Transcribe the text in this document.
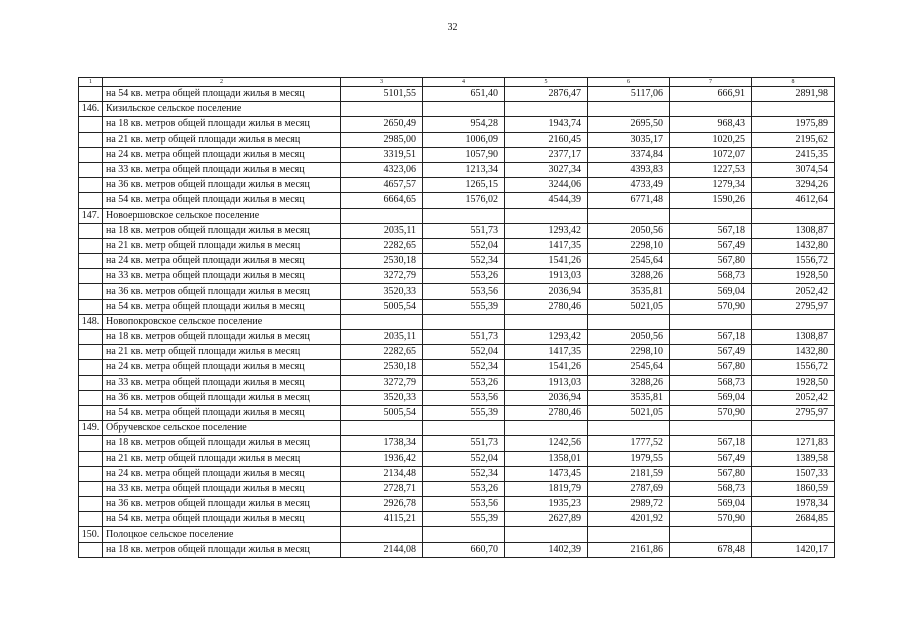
32
1	2	3	4	5	6	7	8
	на 54 кв. метра общей площади жилья в месяц	5101,55	651,40	2876,47	5117,06	666,91	2891,98
146.	Кизильское сельское поселение						
	на 18 кв. метров общей площади жилья в месяц	2650,49	954,28	1943,74	2695,50	968,43	1975,89
	на 21 кв. метр общей площади жилья в месяц	2985,00	1006,09	2160,45	3035,17	1020,25	2195,62
	на 24 кв. метра общей площади жилья в месяц	3319,51	1057,90	2377,17	3374,84	1072,07	2415,35
	на 33 кв. метра общей площади жилья в месяц	4323,06	1213,34	3027,34	4393,83	1227,53	3074,54
	на 36 кв. метров общей площади жилья в месяц	4657,57	1265,15	3244,06	4733,49	1279,34	3294,26
	на 54 кв. метра общей площади жилья в месяц	6664,65	1576,02	4544,39	6771,48	1590,26	4612,64
147.	Новоершовское сельское поселение						
	на 18 кв. метров общей площади жилья в месяц	2035,11	551,73	1293,42	2050,56	567,18	1308,87
	на 21 кв. метр общей площади жилья в месяц	2282,65	552,04	1417,35	2298,10	567,49	1432,80
	на 24 кв. метра общей площади жилья в месяц	2530,18	552,34	1541,26	2545,64	567,80	1556,72
	на 33 кв. метра общей площади жилья в месяц	3272,79	553,26	1913,03	3288,26	568,73	1928,50
	на 36 кв. метров общей площади жилья в месяц	3520,33	553,56	2036,94	3535,81	569,04	2052,42
	на 54 кв. метра общей площади жилья в месяц	5005,54	555,39	2780,46	5021,05	570,90	2795,97
148.	Новопокровское сельское поселение						
	на 18 кв. метров общей площади жилья в месяц	2035,11	551,73	1293,42	2050,56	567,18	1308,87
	на 21 кв. метр общей площади жилья в месяц	2282,65	552,04	1417,35	2298,10	567,49	1432,80
	на 24 кв. метра общей площади жилья в месяц	2530,18	552,34	1541,26	2545,64	567,80	1556,72
	на 33 кв. метра общей площади жилья в месяц	3272,79	553,26	1913,03	3288,26	568,73	1928,50
	на 36 кв. метров общей площади жилья в месяц	3520,33	553,56	2036,94	3535,81	569,04	2052,42
	на 54 кв. метра общей площади жилья в месяц	5005,54	555,39	2780,46	5021,05	570,90	2795,97
149.	Обручевское сельское поселение						
	на 18 кв. метров общей площади жилья в месяц	1738,34	551,73	1242,56	1777,52	567,18	1271,83
	на 21 кв. метр общей площади жилья в месяц	1936,42	552,04	1358,01	1979,55	567,49	1389,58
	на 24 кв. метра общей площади жилья в месяц	2134,48	552,34	1473,45	2181,59	567,80	1507,33
	на 33 кв. метра общей площади жилья в месяц	2728,71	553,26	1819,79	2787,69	568,73	1860,59
	на 36 кв. метров общей площади жилья в месяц	2926,78	553,56	1935,23	2989,72	569,04	1978,34
	на 54 кв. метра общей площади жилья в месяц	4115,21	555,39	2627,89	4201,92	570,90	2684,85
150.	Полоцкое сельское поселение						
	на 18 кв. метров общей площади жилья в месяц	2144,08	660,70	1402,39	2161,86	678,48	1420,17
